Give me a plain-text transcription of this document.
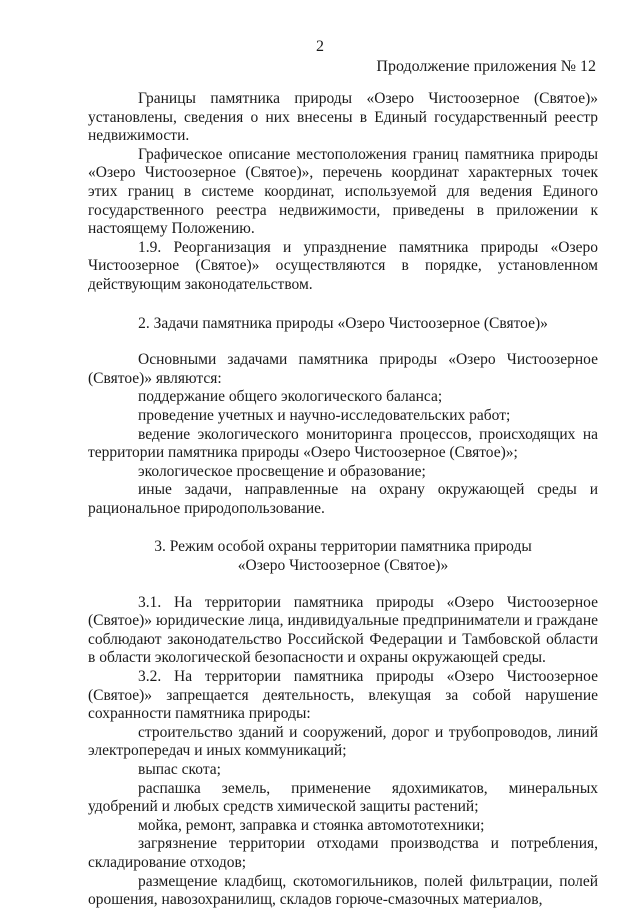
2
Продолжение приложения № 12

Границы памятника природы «Озеро Чистоозерное (Святое)» установлены, сведения о них внесены в Единый государственный реестр недвижимости.

Графическое описание местоположения границ памятника природы «Озеро Чистоозерное (Святое)», перечень координат характерных точек этих границ в системе координат, используемой для ведения Единого государственного реестра недвижимости, приведены в приложении к настоящему Положению.

1.9. Реорганизация и упразднение памятника природы «Озеро Чистоозерное (Святое)» осуществляются в порядке, установленном действующим законодательством.

2. Задачи памятника природы «Озеро Чистоозерное (Святое)»

Основными задачами памятника природы «Озеро Чистоозерное (Святое)» являются:

поддержание общего экологического баланса;

проведение учетных и научно-исследовательских работ;

ведение экологического мониторинга процессов, происходящих на территории памятника природы «Озеро Чистоозерное (Святое)»;

экологическое просвещение и образование;

иные задачи, направленные на охрану окружающей среды и рациональное природопользование.

3. Режим особой охраны территории памятника природы

«Озеро Чистоозерное (Святое)»

3.1. На территории памятника природы «Озеро Чистоозерное (Святое)» юридические лица, индивидуальные предприниматели и граждане соблюдают законодательство Российской Федерации и Тамбовской области в области экологической безопасности и охраны окружающей среды.

3.2. На территории памятника природы «Озеро Чистоозерное (Святое)» запрещается деятельность, влекущая за собой нарушение сохранности памятника природы:

строительство зданий и сооружений, дорог и трубопроводов, линий электропередач и иных коммуникаций;

выпас скота;

распашка земель, применение ядохимикатов, минеральных удобрений и любых средств химической защиты растений;

мойка, ремонт, заправка и стоянка автомототехники;

загрязнение территории отходами производства и потребления, складирование отходов;

размещение кладбищ, скотомогильников, полей фильтрации, полей орошения, навозохранилищ, складов горюче-смазочных материалов,
